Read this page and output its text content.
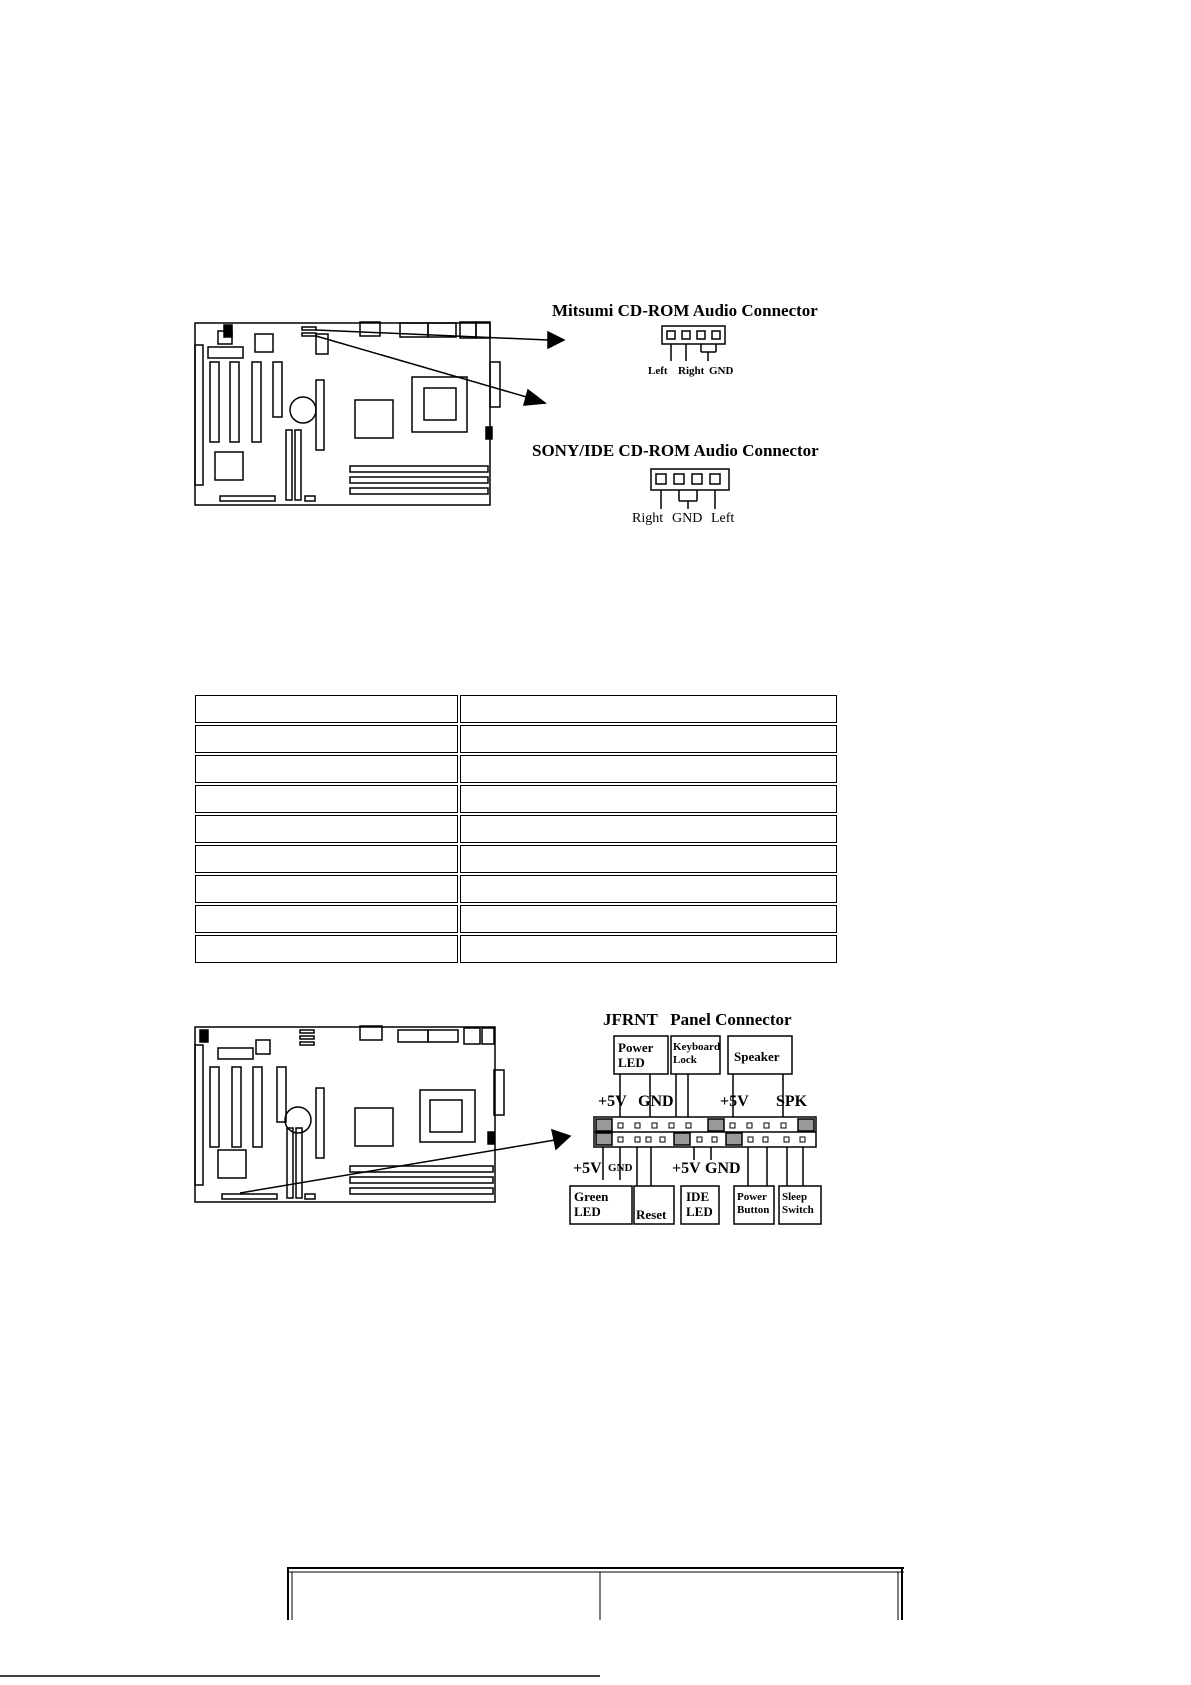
Mitsumi CD-ROM Audio Connector
Left Right GND
SONY/IDE CD-ROM Audio Connector
Right GND Left
JFRNT   Panel Connector
Power
LED
Keyboard
Lock	Speaker
+5V GND	+5V SPK
+5V GND +5V GND
Green
LED	Reset
IDE
LED
Power
Button
Sleep
Switch
